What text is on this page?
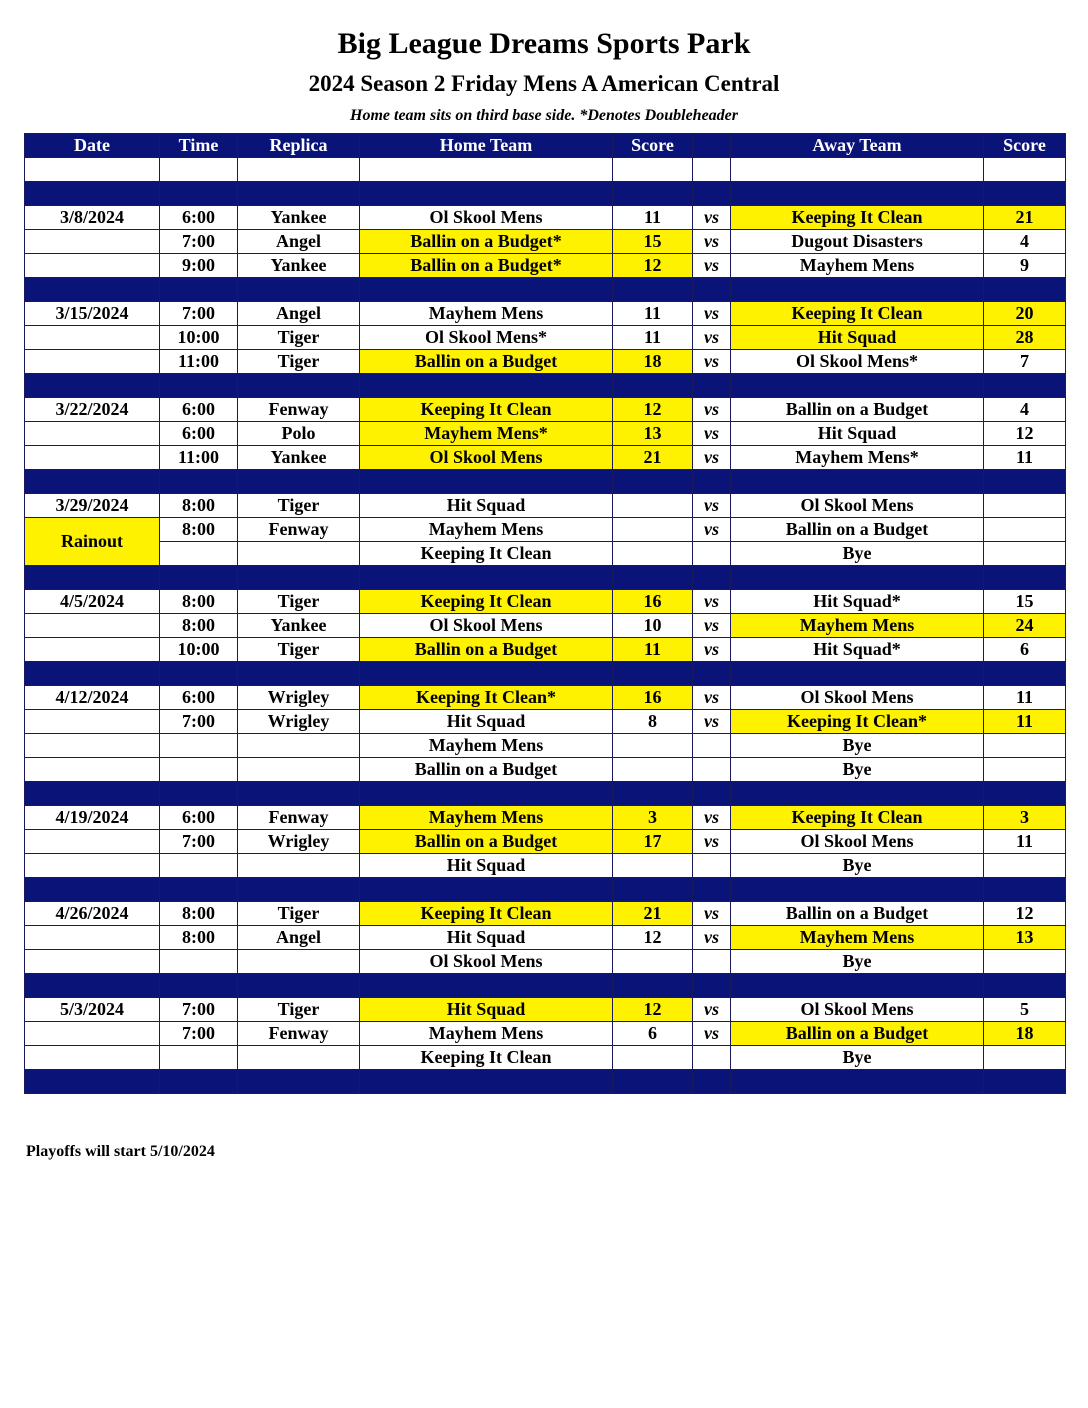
Big League Dreams Sports Park
2024 Season 2 Friday Mens A American Central
Home team sits on third base side. *Denotes Doubleheader
Date	Time	Replica	Home Team	Score		Away Team	Score

3/8/2024	6:00	Yankee	Ol Skool Mens	11	vs	Keeping It Clean	21
	7:00	Angel	Ballin on a Budget*	15	vs	Dugout Disasters	4
	9:00	Yankee	Ballin on a Budget*	12	vs	Mayhem Mens	9

3/15/2024	7:00	Angel	Mayhem Mens	11	vs	Keeping It Clean	20
	10:00	Tiger	Ol Skool Mens*	11	vs	Hit Squad	28
	11:00	Tiger	Ballin on a Budget	18	vs	Ol Skool Mens*	7

3/22/2024	6:00	Fenway	Keeping It Clean	12	vs	Ballin on a Budget	4
	6:00	Polo	Mayhem Mens*	13	vs	Hit Squad	12
	11:00	Yankee	Ol Skool Mens	21	vs	Mayhem Mens*	11

3/29/2024	8:00	Tiger	Hit Squad		vs	Ol Skool Mens	
Rainout	8:00	Fenway	Mayhem Mens		vs	Ballin on a Budget	
			Keeping It Clean			Bye	

4/5/2024	8:00	Tiger	Keeping It Clean	16	vs	Hit Squad*	15
	8:00	Yankee	Ol Skool Mens	10	vs	Mayhem Mens	24
	10:00	Tiger	Ballin on a Budget	11	vs	Hit Squad*	6

4/12/2024	6:00	Wrigley	Keeping It Clean*	16	vs	Ol Skool Mens	11
	7:00	Wrigley	Hit Squad	8	vs	Keeping It Clean*	11
			Mayhem Mens			Bye	
			Ballin on a Budget			Bye	

4/19/2024	6:00	Fenway	Mayhem Mens	3	vs	Keeping It Clean	3
	7:00	Wrigley	Ballin on a Budget	17	vs	Ol Skool Mens	11
			Hit Squad			Bye	

4/26/2024	8:00	Tiger	Keeping It Clean	21	vs	Ballin on a Budget	12
	8:00	Angel	Hit Squad	12	vs	Mayhem Mens	13
			Ol Skool Mens			Bye	

5/3/2024	7:00	Tiger	Hit Squad	12	vs	Ol Skool Mens	5
	7:00	Fenway	Mayhem Mens	6	vs	Ballin on a Budget	18
			Keeping It Clean			Bye	

Playoffs will start 5/10/2024
